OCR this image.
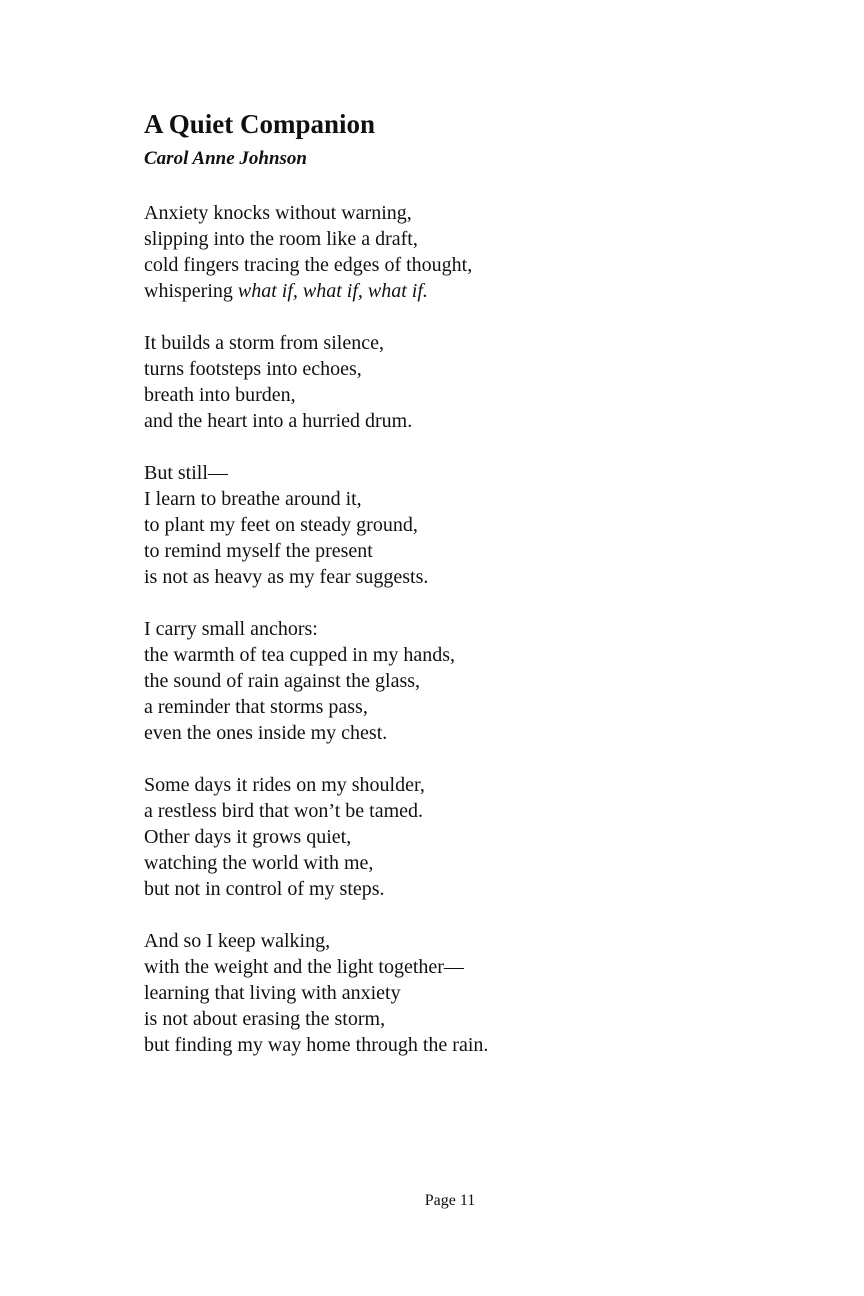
A Quiet Companion
Carol Anne Johnson
Anxiety knocks without warning,
slipping into the room like a draft,
cold fingers tracing the edges of thought,
whispering what if, what if, what if.
It builds a storm from silence,
turns footsteps into echoes,
breath into burden,
and the heart into a hurried drum.
But still—
I learn to breathe around it,
to plant my feet on steady ground,
to remind myself the present
is not as heavy as my fear suggests.
I carry small anchors:
the warmth of tea cupped in my hands,
the sound of rain against the glass,
a reminder that storms pass,
even the ones inside my chest.
Some days it rides on my shoulder,
a restless bird that won’t be tamed.
Other days it grows quiet,
watching the world with me,
but not in control of my steps.
And so I keep walking,
with the weight and the light together—
learning that living with anxiety
is not about erasing the storm,
but finding my way home through the rain.
Page 11
